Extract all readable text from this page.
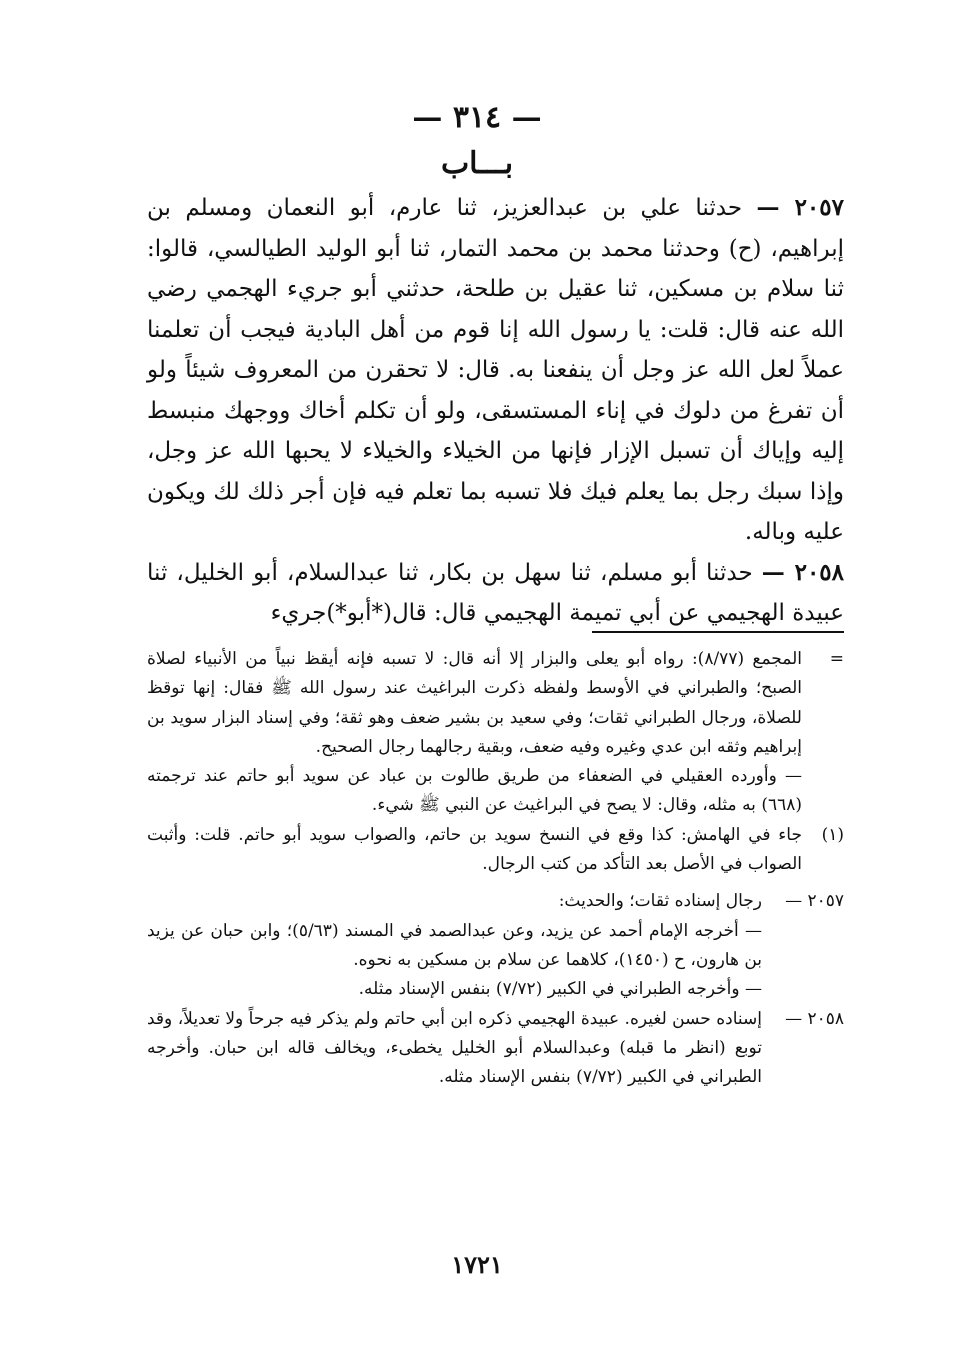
— ٣١٤ —
بـــاب

٢٠٥٧ — حدثنا علي بن عبدالعزيز، ثنا عارم، أبو النعمان ومسلم بن إبراهيم، (ح) وحدثنا محمد بن محمد التمار، ثنا أبو الوليد الطيالسي، قالوا: ثنا سلام بن مسكين، ثنا عقيل بن طلحة، حدثني أبو جريء الهجمي رضي الله عنه قال: قلت: يا رسول الله إنا قوم من أهل البادية فيجب أن تعلمنا عملاً لعل الله عز وجل أن ينفعنا به. قال: لا تحقرن من المعروف شيئاً ولو أن تفرغ من دلوك في إناء المستسقى، ولو أن تكلم أخاك ووجهك منبسط إليه وإياك أن تسبل الإزار فإنها من الخيلاء والخيلاء لا يحبها الله عز وجل، وإذا سبك رجل بما يعلم فيك فلا تسبه بما تعلم فيه فإن أجر ذلك لك ويكون عليه وباله.

٢٠٥٨ — حدثنا أبو مسلم، ثنا سهل بن بكار، ثنا عبدالسلام، أبو الخليل، ثنا عبيدة الهجيمي عن أبي تميمة الهجيمي قال: قال(*أبو*)جريء

=
المجمع (٨/٧٧): رواه أبو يعلى والبزار إلا أنه قال: لا تسبه فإنه أيقظ نبياً من الأنبياء لصلاة الصبح؛ والطبراني في الأوسط ولفظه ذكرت البراغيث عند رسول الله ﷺ فقال: إنها توقظ للصلاة، ورجال الطبراني ثقات؛ وفي سعيد بن بشير ضعف وهو ثقة؛ وفي إسناد البزار سويد بن إبراهيم وثقه ابن عدي وغيره وفيه ضعف، وبقية رجالهما رجال الصحيح.
— وأورده العقيلي في الضعفاء من طريق طالوت بن عباد عن سويد أبو حاتم عند ترجمته (٦٦٨) به مثله، وقال: لا يصح في البراغيث عن النبي ﷺ شيء.
(١)
جاء في الهامش: كذا وقع في النسخ سويد بن حاتم، والصواب سويد أبو حاتم. قلت: وأثبت الصواب في الأصل بعد التأكد من كتب الرجال.
٢٠٥٧ —
رجال إسناده ثقات؛ والحديث:
— أخرجه الإمام أحمد عن يزيد، وعن عبدالصمد في المسند (٥/٦٣)؛ وابن حبان عن يزيد بن هارون، ح (١٤٥٠)، كلاهما عن سلام بن مسكين به نحوه.
— وأخرجه الطبراني في الكبير (٧/٧٢) بنفس الإسناد مثله.
٢٠٥٨ —
إسناده حسن لغيره. عبيدة الهجيمي ذكره ابن أبي حاتم ولم يذكر فيه جرحاً ولا تعديلاً، وقد توبع (انظر ما قبله) وعبدالسلام أبو الخليل يخطىء، ويخالف قاله ابن حبان. وأخرجه الطبراني في الكبير (٧/٧٢) بنفس الإسناد مثله.
١٧٢١
